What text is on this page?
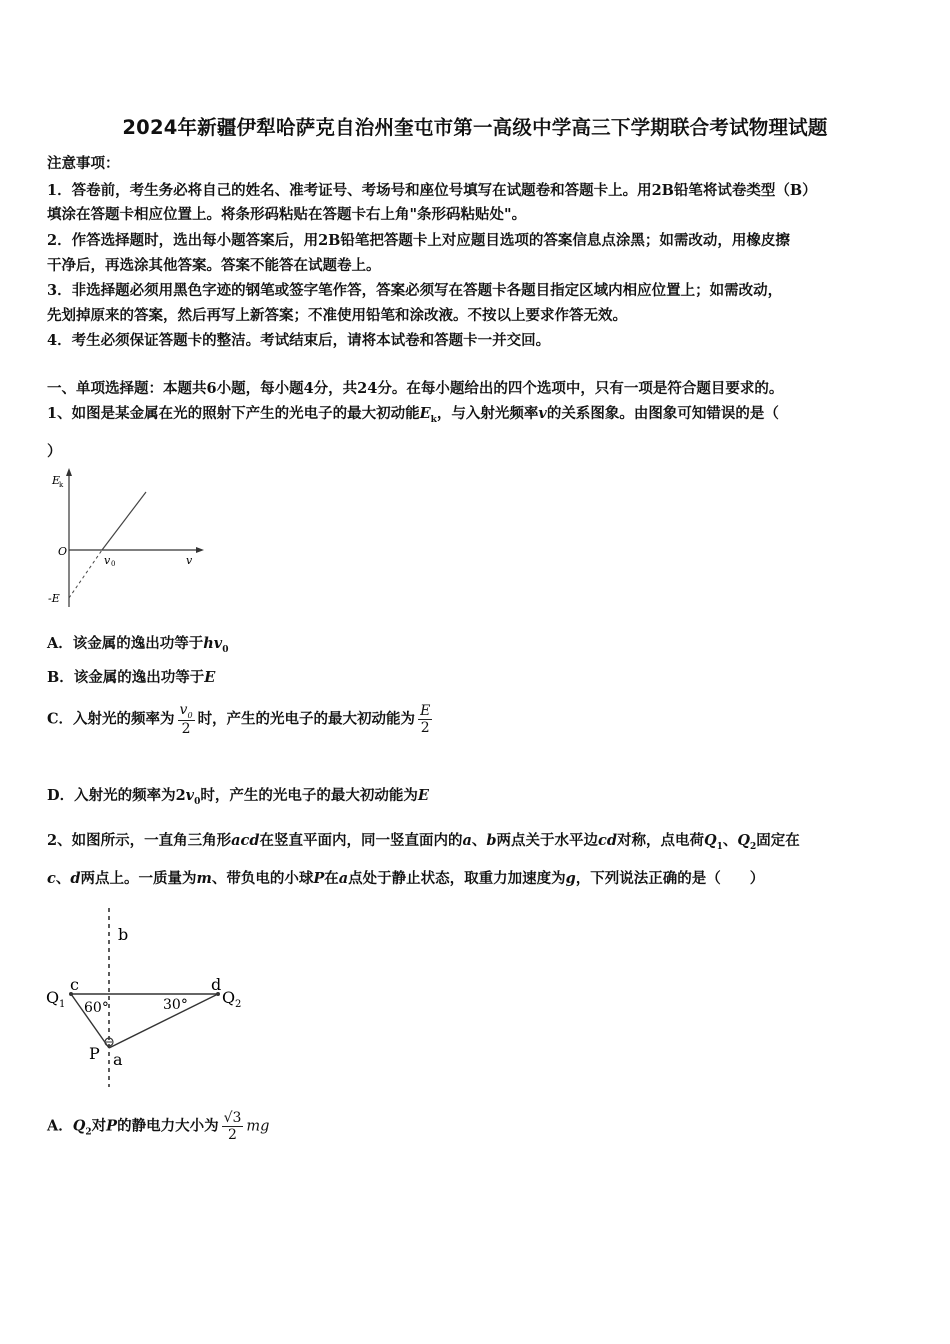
2024年新疆伊犁哈萨克自治州奎屯市第一高级中学高三下学期联合考试物理试题
注意事项：
1．答卷前，考生务必将自己的姓名、准考证号、考场号和座位号填写在试题卷和答题卡上。用2B铅笔将试卷类型（B）
填涂在答题卡相应位置上。将条形码粘贴在答题卡右上角"条形码粘贴处"。
2．作答选择题时，选出每小题答案后，用2B铅笔把答题卡上对应题目选项的答案信息点涂黑；如需改动，用橡皮擦
干净后，再选涂其他答案。答案不能答在试题卷上。
3．非选择题必须用黑色字迹的钢笔或签字笔作答，答案必须写在答题卡各题目指定区域内相应位置上；如需改动，
先划掉原来的答案，然后再写上新答案；不准使用铅笔和涂改液。不按以上要求作答无效。
4．考生必须保证答题卡的整洁。考试结束后，请将本试卷和答题卡一并交回。
一、单项选择题：本题共6小题，每小题4分，共24分。在每小题给出的四个选项中，只有一项是符合题目要求的。
1、如图是某金属在光的照射下产生的光电子的最大初动能$E_k$，与入射光频率v的关系图象。由图象可知错误的是（
）
E
k
O
v
v 0
-E
A．该金属的逸出功等于$hv_0$
B．该金属的逸出功等于E
C．入射光的频率为 $\frac{v_0}{2}$ 时，产生的光电子的最大初动能为 $\frac{E}{2}$
D．入射光的频率为$2v_0$时，产生的光电子的最大初动能为E
2、如图所示，一直角三角形acd在竖直平面内，同一竖直面内的a、b两点关于水平边cd对称，点电荷$Q_1$、$Q_2$固定在
c、d两点上。一质量为m、带负电的小球P在a点处于静止状态，取重力加速度为g，下列说法正确的是（　　）
b
c	d
Q 1	Q 2
60°	30°
P a
A．$Q_2$对P的静电力大小为 $\frac{√3}{2}$ mg
